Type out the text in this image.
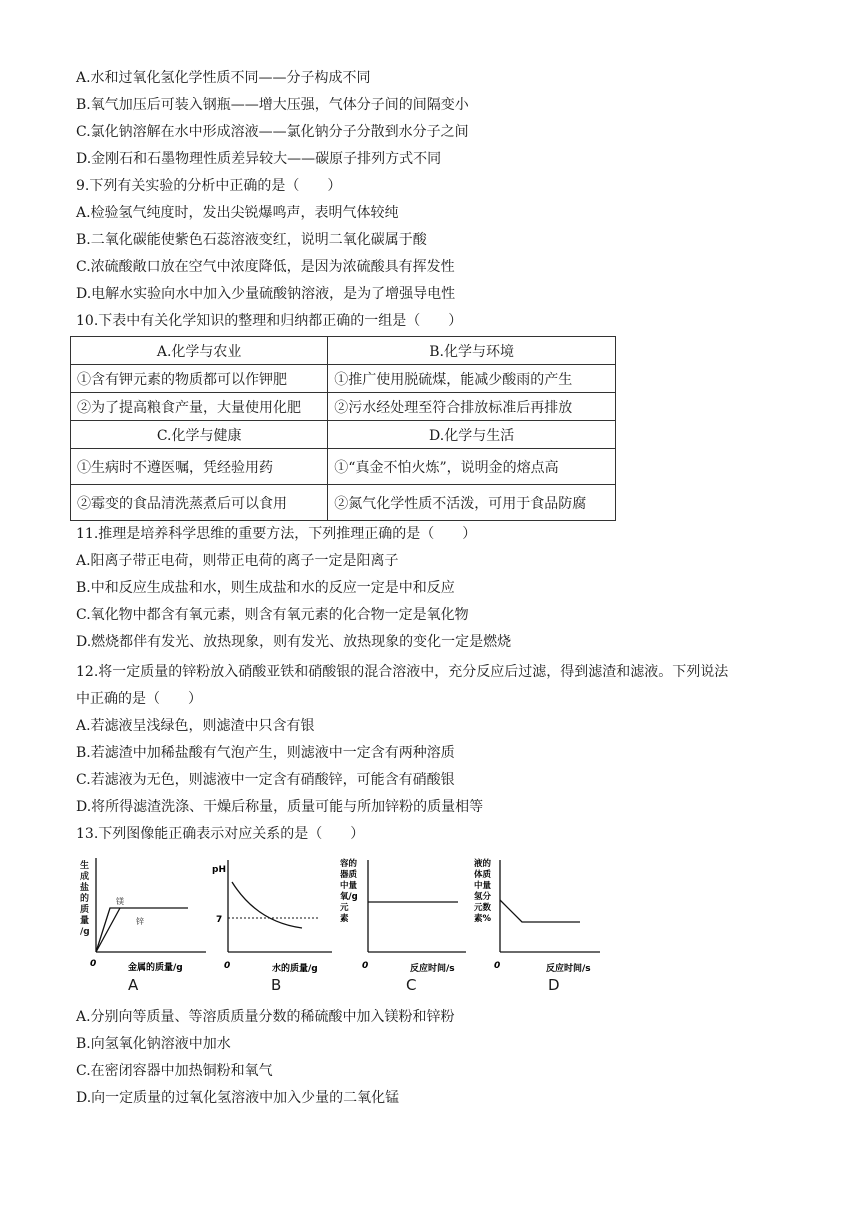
A.水和过氧化氢化学性质不同——分子构成不同
B.氧气加压后可装入钢瓶——增大压强，气体分子间的间隔变小
C.氯化钠溶解在水中形成溶液——氯化钠分子分散到水分子之间
D.金刚石和石墨物理性质差异较大——碳原子排列方式不同
9.下列有关实验的分析中正确的是（　　）
A.检验氢气纯度时，发出尖锐爆鸣声，表明气体较纯
B.二氧化碳能使紫色石蕊溶液变红，说明二氧化碳属于酸
C.浓硫酸敞口放在空气中浓度降低，是因为浓硫酸具有挥发性
D.电解水实验向水中加入少量硫酸钠溶液，是为了增强导电性
10.下表中有关化学知识的整理和归纳都正确的一组是（　　）
A.化学与农业	B.化学与环境
①含有钾元素的物质都可以作钾肥	①推广使用脱硫煤，能减少酸雨的产生
②为了提高粮食产量，大量使用化肥	②污水经处理至符合排放标准后再排放
C.化学与健康	D.化学与生活
①生病时不遵医嘱，凭经验用药	①“真金不怕火炼”，说明金的熔点高
②霉变的食品清洗蒸煮后可以食用	②氮气化学性质不活泼，可用于食品防腐
11.推理是培养科学思维的重要方法，下列推理正确的是（　　）
A.阳离子带正电荷，则带正电荷的离子一定是阳离子
B.中和反应生成盐和水，则生成盐和水的反应一定是中和反应
C.氧化物中都含有氧元素，则含有氧元素的化合物一定是氧化物
D.燃烧都伴有发光、放热现象，则有发光、放热现象的变化一定是燃烧
12.将一定质量的锌粉放入硝酸亚铁和硝酸银的混合溶液中，充分反应后过滤，得到滤渣和滤液。下列说法
中正确的是（　　）
A.若滤液呈浅绿色，则滤渣中只含有银
B.若滤渣中加稀盐酸有气泡产生，则滤液中一定含有两种溶质
C.若滤液为无色，则滤液中一定含有硝酸锌，可能含有硝酸银
D.将所得滤渣洗涤、干燥后称量，质量可能与所加锌粉的质量相等
13.下列图像能正确表示对应关系的是（　　）
生
成
盐
的
质
量
/g
镁
锌
0	金属的质量/g
pH
7
0	水的质量/g
容的
器质
中量
氧/g
元
素
0	反应时间/s
液的
体质
中量
氢分
元数
素%
0	反应时间/s
A	B	C	D
A.分别向等质量、等溶质质量分数的稀硫酸中加入镁粉和锌粉
B.向氢氧化钠溶液中加水
C.在密闭容器中加热铜粉和氧气
D.向一定质量的过氧化氢溶液中加入少量的二氧化锰
